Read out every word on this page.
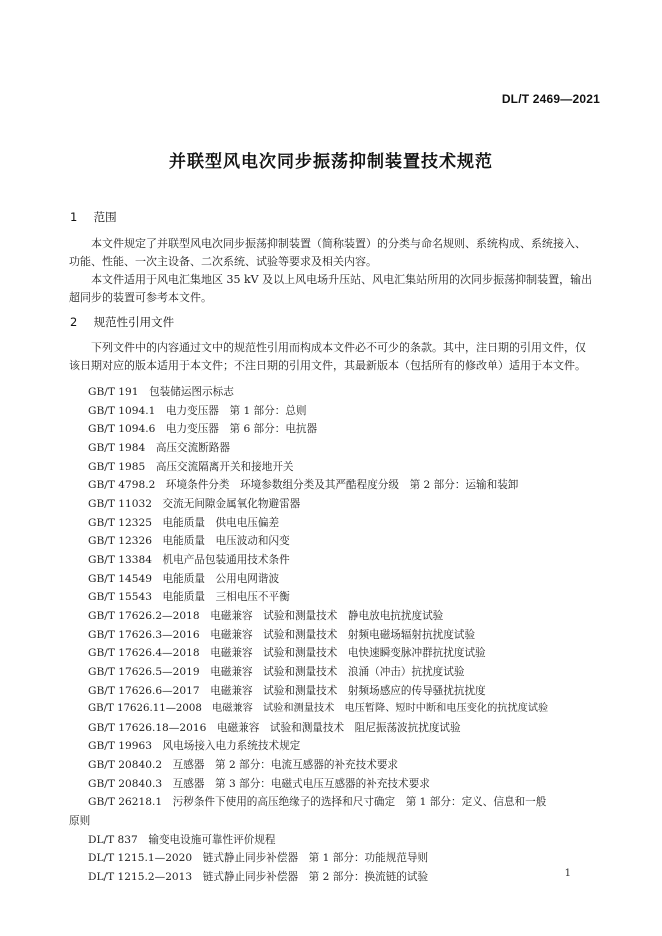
DL/T 2469—2021
并联型风电次同步振荡抑制装置技术规范
1 范围
本文件规定了并联型风电次同步振荡抑制装置（简称装置）的分类与命名规则、系统构成、系统接入、功能、性能、一次主设备、二次系统、试验等要求及相关内容。
本文件适用于风电汇集地区 35 kV 及以上风电场升压站、风电汇集站所用的次同步振荡抑制装置，输出超同步的装置可参考本文件。
2 规范性引用文件
下列文件中的内容通过文中的规范性引用而构成本文件必不可少的条款。其中，注日期的引用文件，仅该日期对应的版本适用于本文件；不注日期的引用文件，其最新版本（包括所有的修改单）适用于本文件。
GB/T 191　 包装储运图示标志
GB/T 1094.1　 电力变压器　第 1 部分：总则
GB/T 1094.6　 电力变压器　第 6 部分：电抗器
GB/T 1984　 高压交流断路器
GB/T 1985　 高压交流隔离开关和接地开关
GB/T 4798.2　 环境条件分类　环境参数组分类及其严酷程度分级　第 2 部分：运输和装卸
GB/T 11032　 交流无间隙金属氧化物避雷器
GB/T 12325　 电能质量　供电电压偏差
GB/T 12326　 电能质量　电压波动和闪变
GB/T 13384　 机电产品包装通用技术条件
GB/T 14549　 电能质量　公用电网谐波
GB/T 15543　 电能质量　三相电压不平衡
GB/T 17626.2—2018　 电磁兼容　试验和测量技术　静电放电抗扰度试验
GB/T 17626.3—2016　 电磁兼容　试验和测量技术　射频电磁场辐射抗扰度试验
GB/T 17626.4—2018　 电磁兼容　试验和测量技术　电快速瞬变脉冲群抗扰度试验
GB/T 17626.5—2019　 电磁兼容　试验和测量技术　浪涌（冲击）抗扰度试验
GB/T 17626.6—2017　 电磁兼容　试验和测量技术　射频场感应的传导骚扰抗扰度
GB/T 17626.11—2008　 电磁兼容　试验和测量技术　电压暂降、短时中断和电压变化的抗扰度试验
GB/T 17626.18—2016　 电磁兼容　试验和测量技术　阻尼振荡波抗扰度试验
GB/T 19963　 风电场接入电力系统技术规定
GB/T 20840.2　 互感器　第 2 部分：电流互感器的补充技术要求
GB/T 20840.3　 互感器　第 3 部分：电磁式电压互感器的补充技术要求
GB/T 26218.1　 污秽条件下使用的高压绝缘子的选择和尺寸确定　第 1 部分：定义、信息和一般
原则
DL/T 837　 输变电设施可靠性评价规程
DL/T 1215.1—2020　 链式静止同步补偿器　第 1 部分：功能规范导则
DL/T 1215.2—2013　 链式静止同步补偿器　第 2 部分：换流链的试验	1
